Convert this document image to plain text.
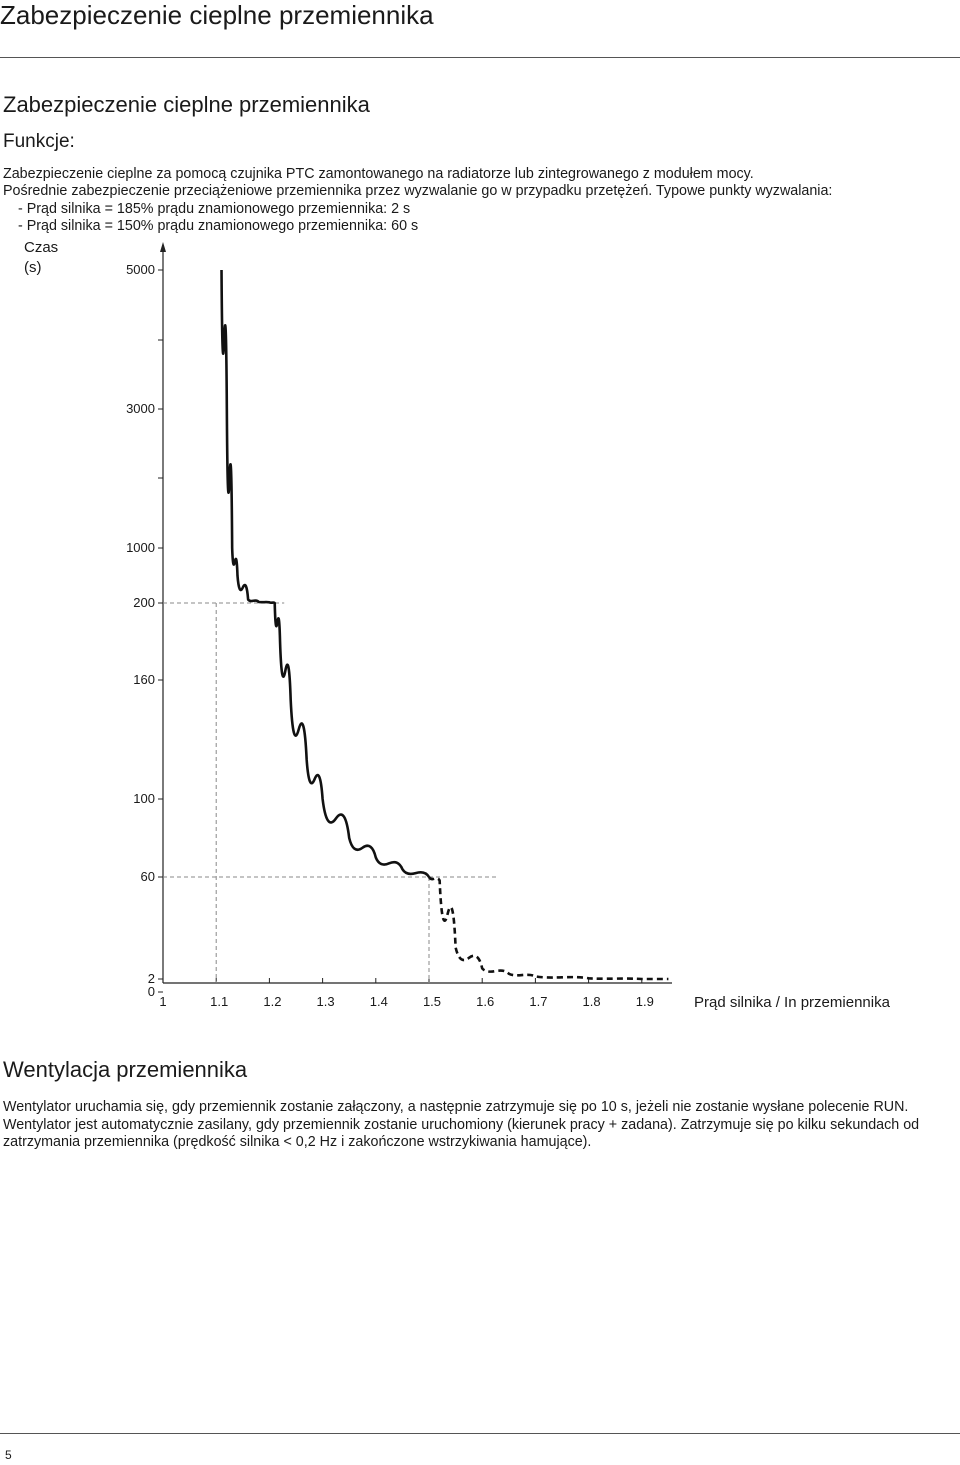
Zabezpieczenie cieplne przemiennika
Zabezpieczenie cieplne przemiennika
Funkcje:

Zabezpieczenie cieplne za pomocą czujnika PTC zamontowanego na radiatorze lub zintegrowanego z modułem mocy.

Pośrednie zabezpieczenie przeciążeniowe przemiennika przez wyzwalanie go w przypadku przetężeń. Typowe punkty wyzwalania:

- Prąd silnika = 185% prądu znamionowego przemiennika: 2 s

- Prąd silnika = 150% prądu znamionowego przemiennika: 60 s

Czas
(s)	5000
3000
1000
200
160
100
60
2
0
1	1.1	1.2	1.3	1.4	1.5	1.6	1.7	1.8	1.9	Prąd silnika / In przemiennika
Wentylacja przemiennika

Wentylator uruchamia się, gdy przemiennik zostanie załączony, a następnie zatrzymuje się po 10 s, jeżeli nie zostanie wysłane polecenie RUN.

Wentylator jest automatycznie zasilany, gdy przemiennik zostanie uruchomiony (kierunek pracy + zadana). Zatrzymuje się po kilku sekundach od

zatrzymania przemiennika (prędkość silnika < 0,2 Hz i zakończone wstrzykiwania hamujące).

5
